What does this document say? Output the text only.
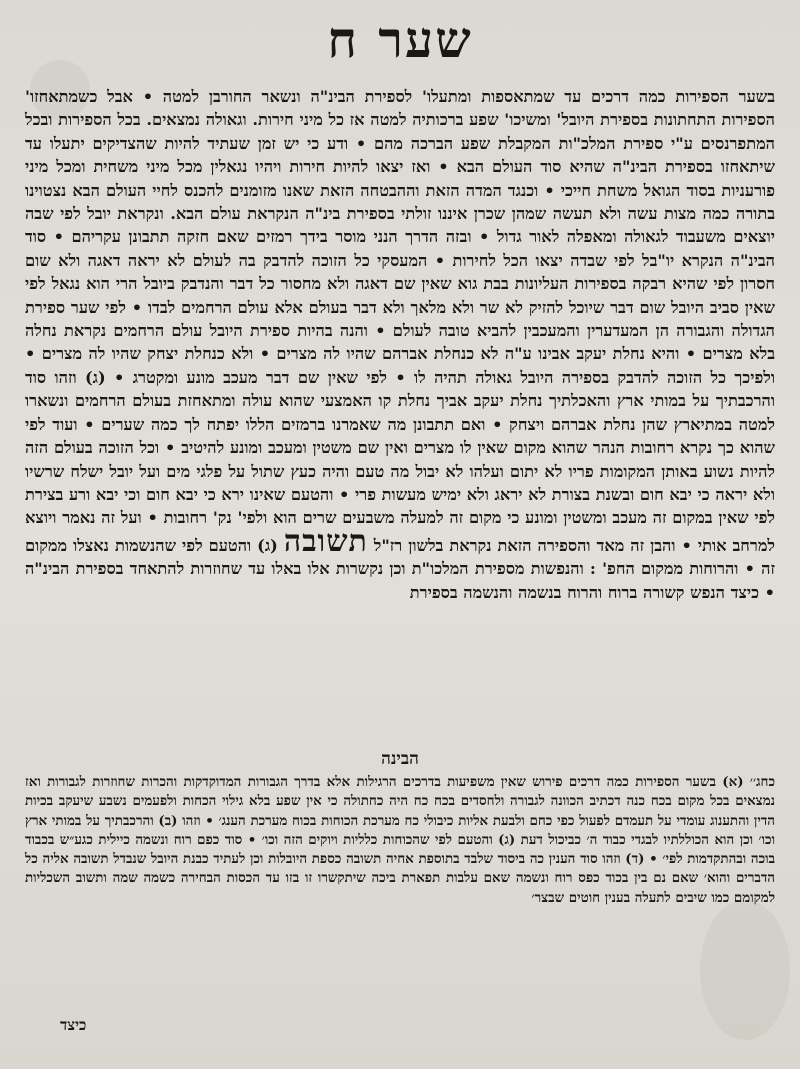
שער ח
בשער הספירות כמה דרכים עד שמתאספות ומתעלו' לספירת הבינ"ה ונשאר החורבן למטה • אבל כשמתאחזו' הספירות התחתונות בספירת היובל' ומשיכו' שפע ברכותיה למטה אז כל מיני חירות. וגאולה נמצאים. בכל הספירות ובכל המתפרנסים ע"י ספירת המלכ"ות המקבלת שפע הברכה מהם • ודע כי יש זמן שעתיד להיות שהצדיקים יתעלו עד שיתאחזו בספירת הבינ"ה שהיא סוד העולם הבא • ואז יצאו להיות חירות ויהיו נגאלין מכל מיני משחית ומכל מיני פורעניות בסוד הגואל משחת חייכי • וכנגד המדה הזאת וההבטחה הזאת שאנו מזומנים להכנס לחיי העולם הבא נצטוינו בתורה כמה מצות עשה ולא תעשה שמהן שכרן איננו זולתי בספירת בינ"ה הנקראת עולם הבא. ונקראת יובל לפי שבה יוצאים משעבוד לגאולה ומאפלה לאור גדול • ובזה הדרך הנני מוסר בידך רמזים שאם חזקה תתבונן עקריהם • סוד הבינ"ה הנקרא יו"בל לפי שבדה יצאו הכל לחירות • המעסקי כל הזוכה להדבק בה לעולם לא יראה דאגה ולא שום חסרון לפי שהיא רבקה בספירות העליונות בבת גוא שאין שם דאגה ולא מחסור כל דבר והנדבק ביובל הרי הוא נגאל לפי שאין סביב היובל שום דבר שיוכל להזיק לא שר ולא מלאך ולא דבר בעולם אלא עולם הרחמים לבדו • לפי שער ספירת הגדולה והגבורה הן המעדערין והמעכבין להביא טובה לעולם • והנה בהיות ספירת היובל עולם הרחמים נקראת נחלה בלא מצרים • והיא נחלת יעקב אבינו ע"ה לא כנחלת אברהם שהיו לה מצרים • ולא כנחלת יצחק שהיו לה מצרים • ולפיכך כל הזוכה להדבק בספירה היובל גאולה תהיה לו • לפי שאין שם דבר מעכב מונע ומקטרג • (ג) וזהו סוד והרכבתיך על במותי ארץ והאכלתיך נחלת יעקב אביך נחלת קו האמצעי שהוא עולה ומתאחזת בעולם הרחמים ונשארו למטה במתיארץ שהן נחלת אברהם ויצחק • ואם תתבונן מה שאמרנו ברמזים הללו יפתח לך כמה שערים • ועוד לפי שהוא כך נקרא רחובות הנהר שהוא מקום שאין לו מצרים ואין שם משטין ומעכב ומונע להיטיב • וכל הזוכה בעולם הזה להיות נשוע באותן המקומות פריו לא יתום ועלהו לא יבול מה טעם והיה כעץ שתול על פלגי מים ועל יובל ישלח שרשיו ולא יראה כי יבא חום ובשנת בצורת לא יראג ולא ימיש מעשות פרי • והטעם שאינו ירא כי יבא חום וכי יבא ורע בצירת לפי שאין במקום זה מעכב ומשטין ומונע כי מקום זה למעלה משבעים שרים הוא ולפי' נק' רחובות • ועל זה נאמר ויוצא למרחב אותי • והבן זה מאד והספירה הזאת נקראת בלשון רז"ל תשובה (ג) והטעם לפי שהנשמות נאצלו ממקום זה • והרוחות ממקום החפ' : והנפשות מספירת המלכו"ת וכן נקשרות אלו באלו עד שחוזרות להתאחד בספירת הבינ"ה • כיצד הנפש קשורה ברוח והרוח בנשמה והנשמה בספירת
הבינה
כחג׳׳ (א) בשער הספירות כמה דרכים פירוש שאין משפיעות בדרכים הרגילות אלא בדרך הגבורות המדוקדקות והכרות שחוזרות לגבורות ואז נמצאים בכל מקום בכח כנה דכתיב הכוונה לגבורה ולחסדים בכח כח היה כחתולה כי אין שפע בלא גילוי הכחות ולפעמים נשבע שיעקב בכיות הדין והתענוג עומדי על תעמדם לפעול כפי כחם ולבעת אליות כיבולי כח מערכת הכוחות בכוח מערכת הענג׳ • וזהו (ב) והרכבתיך על במותי ארץ וכו׳ וכן הוא הכוללתיו לבגדי כבוד ה׳ כביכול דעת (ג) והטעם לפי שהכוחות כלליות ויוקים הזה וכו׳ • סוד כפם רוח ונשמה כיילית כגע״ש בכבוד בוכה ובהתקדמות לפי׳ • (ד) וזהו סוד הענין כה ביסוד שלבד בתוספת אחיה תשובה כספת היובלות וכן לעתיד כבנת היובל שנבדל תשובה אליה כל הדברים והוא׳ שאם נם בין בכוד כפס רוח ונשמה שאם עלבות תפארת ביכה שיתקשרו זו בזו עד הכסות הבחירה כשמה שמה ותשוב השכליות למקומם כמו שיבים לתעלה בענין חוטים שבצר׳
כיצד
